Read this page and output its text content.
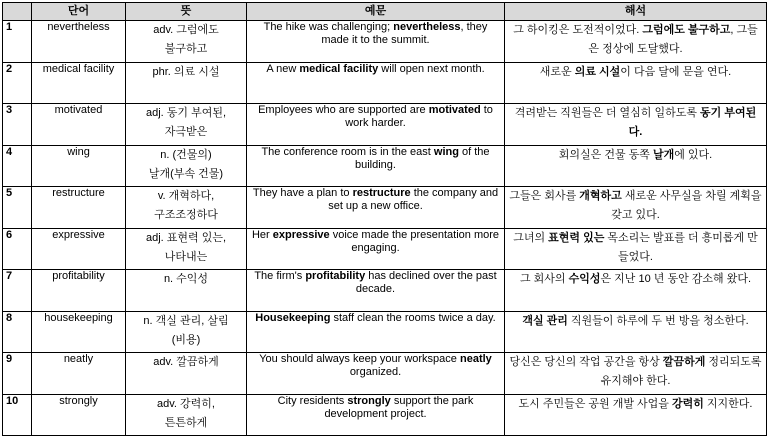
	단어	뜻	예문	해석
1	nevertheless	adv. 그럼에도
불구하고	The hike was challenging; nevertheless, they made it to the summit.	그 하이킹은 도전적이었다. 그럼에도 불구하고, 그들은 정상에 도달했다.
2	medical facility	phr. 의료 시설	A new medical facility will open next month.	새로운 의료 시설이 다음 달에 문을 연다.
3	motivated	adj. 동기 부여된,
자극받은	Employees who are supported are motivated to work harder.	격려받는 직원들은 더 열심히 일하도록 동기 부여된다.
4	wing	n. (건물의)
날개(부속 건물)	The conference room is in the east wing of the building.	회의실은 건물 동쪽 날개에 있다.
5	restructure	v. 개혁하다,
구조조정하다	They have a plan to restructure the company and set up a new office.	그들은 회사를 개혁하고 새로운 사무실을 차릴 계획을 갖고 있다.
6	expressive	adj. 표현력 있는,
나타내는	Her expressive voice made the presentation more engaging.	그녀의 표현력 있는 목소리는 발표를 더 흥미롭게 만들었다.
7	profitability	n. 수익성	The firm's profitability has declined over the past decade.	그 회사의 수익성은 지난 10 년 동안 감소해 왔다.
8	housekeeping	n. 객실 관리, 살림
(비용)	Housekeeping staff clean the rooms twice a day.	객실 관리 직원들이 하루에 두 번 방을 청소한다.
9	neatly	adv. 깔끔하게	You should always keep your workspace neatly organized.	당신은 당신의 작업 공간을 항상 깔끔하게 정리되도록 유지해야 한다.
10	strongly	adv. 강력히,
튼튼하게	City residents strongly support the park development project.	도시 주민들은 공원 개발 사업을 강력히 지지한다.
